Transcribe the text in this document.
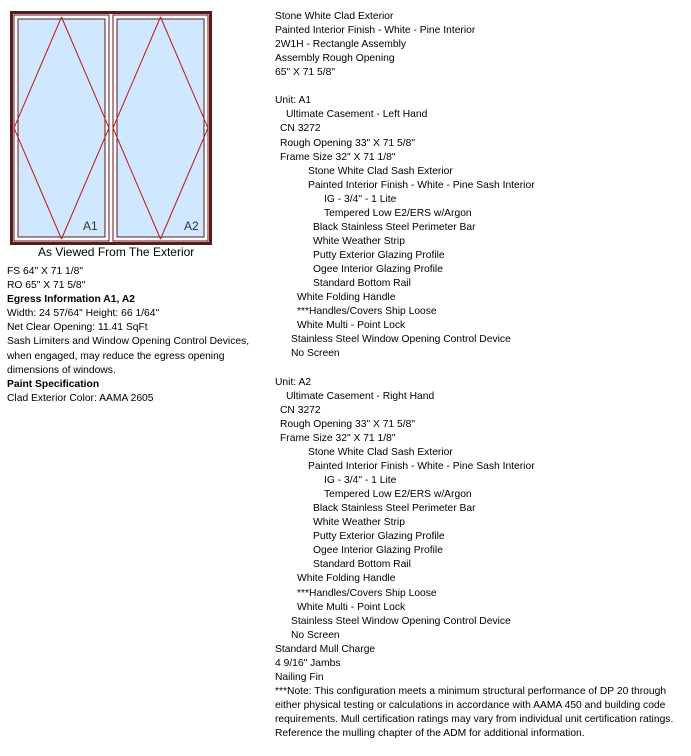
A1	A2
As Viewed From The Exterior
FS 64" X 71 1/8"
RO 65" X 71 5/8"
Egress Information A1, A2
Width: 24 57/64" Height: 66 1/64"
Net Clear Opening: 11.41 SqFt
Sash Limiters and Window Opening Control Devices, when engaged, may reduce the egress opening dimensions of windows.
Paint Specification
Clad Exterior Color: AAMA 2605
Stone White Clad Exterior
Painted Interior Finish - White - Pine Interior
2W1H - Rectangle Assembly
Assembly Rough Opening
65" X 71 5/8"
Unit: A1
Ultimate Casement - Left Hand
CN 3272
Rough Opening 33" X 71 5/8"
Frame Size 32" X 71 1/8"
Stone White Clad Sash Exterior
Painted Interior Finish - White - Pine Sash Interior
IG - 3/4" - 1 Lite
Tempered Low E2/ERS w/Argon
Black Stainless Steel Perimeter Bar
White Weather Strip
Putty Exterior Glazing Profile
Ogee Interior Glazing Profile
Standard Bottom Rail
White Folding Handle
***Handles/Covers Ship Loose
White Multi - Point Lock
Stainless Steel Window Opening Control Device
No Screen
Unit: A2
Ultimate Casement - Right Hand
CN 3272
Rough Opening 33" X 71 5/8"
Frame Size 32" X 71 1/8"
Stone White Clad Sash Exterior
Painted Interior Finish - White - Pine Sash Interior
IG - 3/4" - 1 Lite
Tempered Low E2/ERS w/Argon
Black Stainless Steel Perimeter Bar
White Weather Strip
Putty Exterior Glazing Profile
Ogee Interior Glazing Profile
Standard Bottom Rail
White Folding Handle
***Handles/Covers Ship Loose
White Multi - Point Lock
Stainless Steel Window Opening Control Device
No Screen
Standard Mull Charge
4 9/16" Jambs
Nailing Fin
***Note: This configuration meets a minimum structural performance of DP 20 through either physical testing or calculations in accordance with AAMA 450 and building code requirements. Mull certification ratings may vary from individual unit certification ratings. Reference the mulling chapter of the ADM for additional information.
